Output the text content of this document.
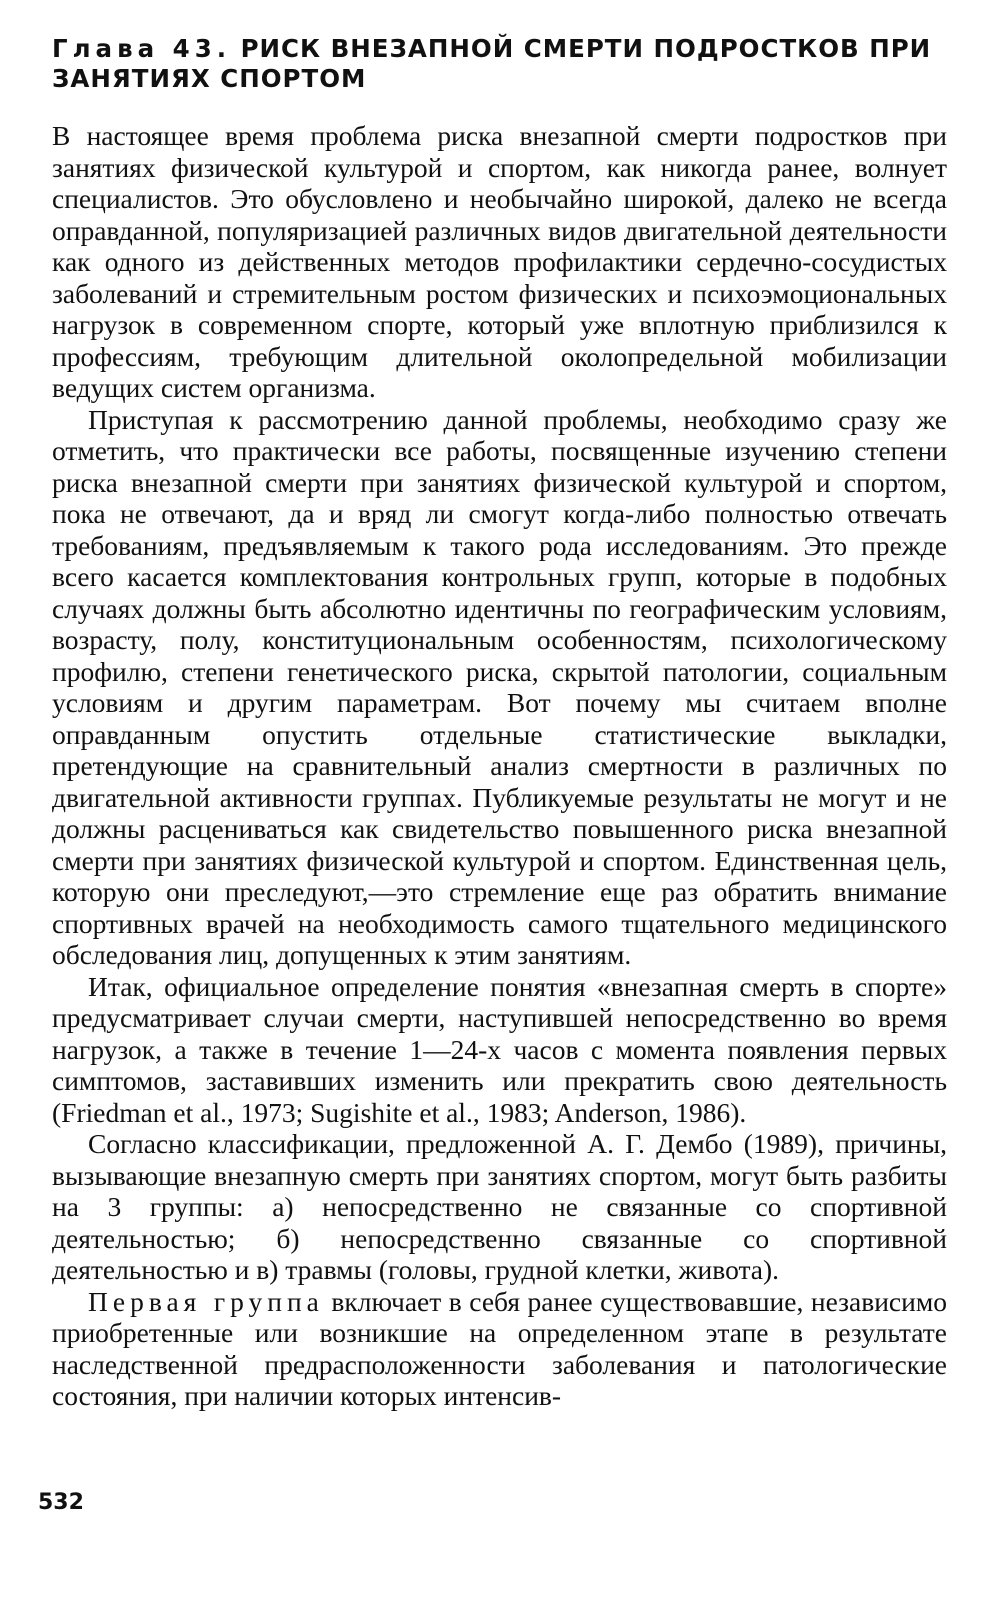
Глава 43. РИСК ВНЕЗАПНОЙ СМЕРТИ ПОДРОСТКОВ ПРИ ЗАНЯТИЯХ СПОРТОМ

В настоящее время проблема риска внезапной смерти подростков при занятиях физической культурой и спортом, как никогда ранее, волнует специалистов. Это обусловлено и необычайно широкой, далеко не всегда оправданной, популяризацией различных видов двигательной деятельности как одного из действенных методов профилактики сердечно-сосудистых заболеваний и стремительным ростом физических и психоэмоциональных нагрузок в современном спорте, который уже вплотную приблизился к профессиям, требующим длительной околопредельной мобилизации ведущих систем организма.

Приступая к рассмотрению данной проблемы, необходимо сразу же отметить, что практически все работы, посвященные изучению степени риска внезапной смерти при занятиях физической культурой и спортом, пока не отвечают, да и вряд ли смогут когда-либо полностью отвечать требованиям, предъявляемым к такого рода исследованиям. Это прежде всего касается комплектования контрольных групп, которые в подобных случаях должны быть абсолютно идентичны по географическим условиям, возрасту, полу, конституциональным особенностям, психологическому профилю, степени генетического риска, скрытой патологии, социальным условиям и другим параметрам. Вот почему мы считаем вполне оправданным опустить отдельные статистические выкладки, претендующие на сравнительный анализ смертности в различных по двигательной активности группах. Публикуемые результаты не могут и не должны расцениваться как свидетельство повышенного риска внезапной смерти при занятиях физической культурой и спортом. Единственная цель, которую они преследуют,—это стремление еще раз обратить внимание спортивных врачей на необходимость самого тщательного медицинского обследования лиц, допущенных к этим занятиям.

Итак, официальное определение понятия «внезапная смерть в спорте» предусматривает случаи смерти, наступившей непосредственно во время нагрузок, а также в течение 1—24-х часов с момента появления первых симптомов, заставивших изменить или прекратить свою деятельность (Friedman et al., 1973; Sugishite et al., 1983; Anderson, 1986).

Согласно классификации, предложенной А. Г. Дембо (1989), причины, вызывающие внезапную смерть при занятиях спортом, могут быть разбиты на 3 группы: а) непосредственно не связанные со спортивной деятельностью; б) непосредственно связанные со спортивной деятельностью и в) травмы (головы, грудной клетки, живота).

Первая группа включает в себя ранее существовавшие, независимо приобретенные или возникшие на определенном этапе в результате наследственной предрасположенности заболевания и патологические состояния, при наличии которых интенсив-

532
